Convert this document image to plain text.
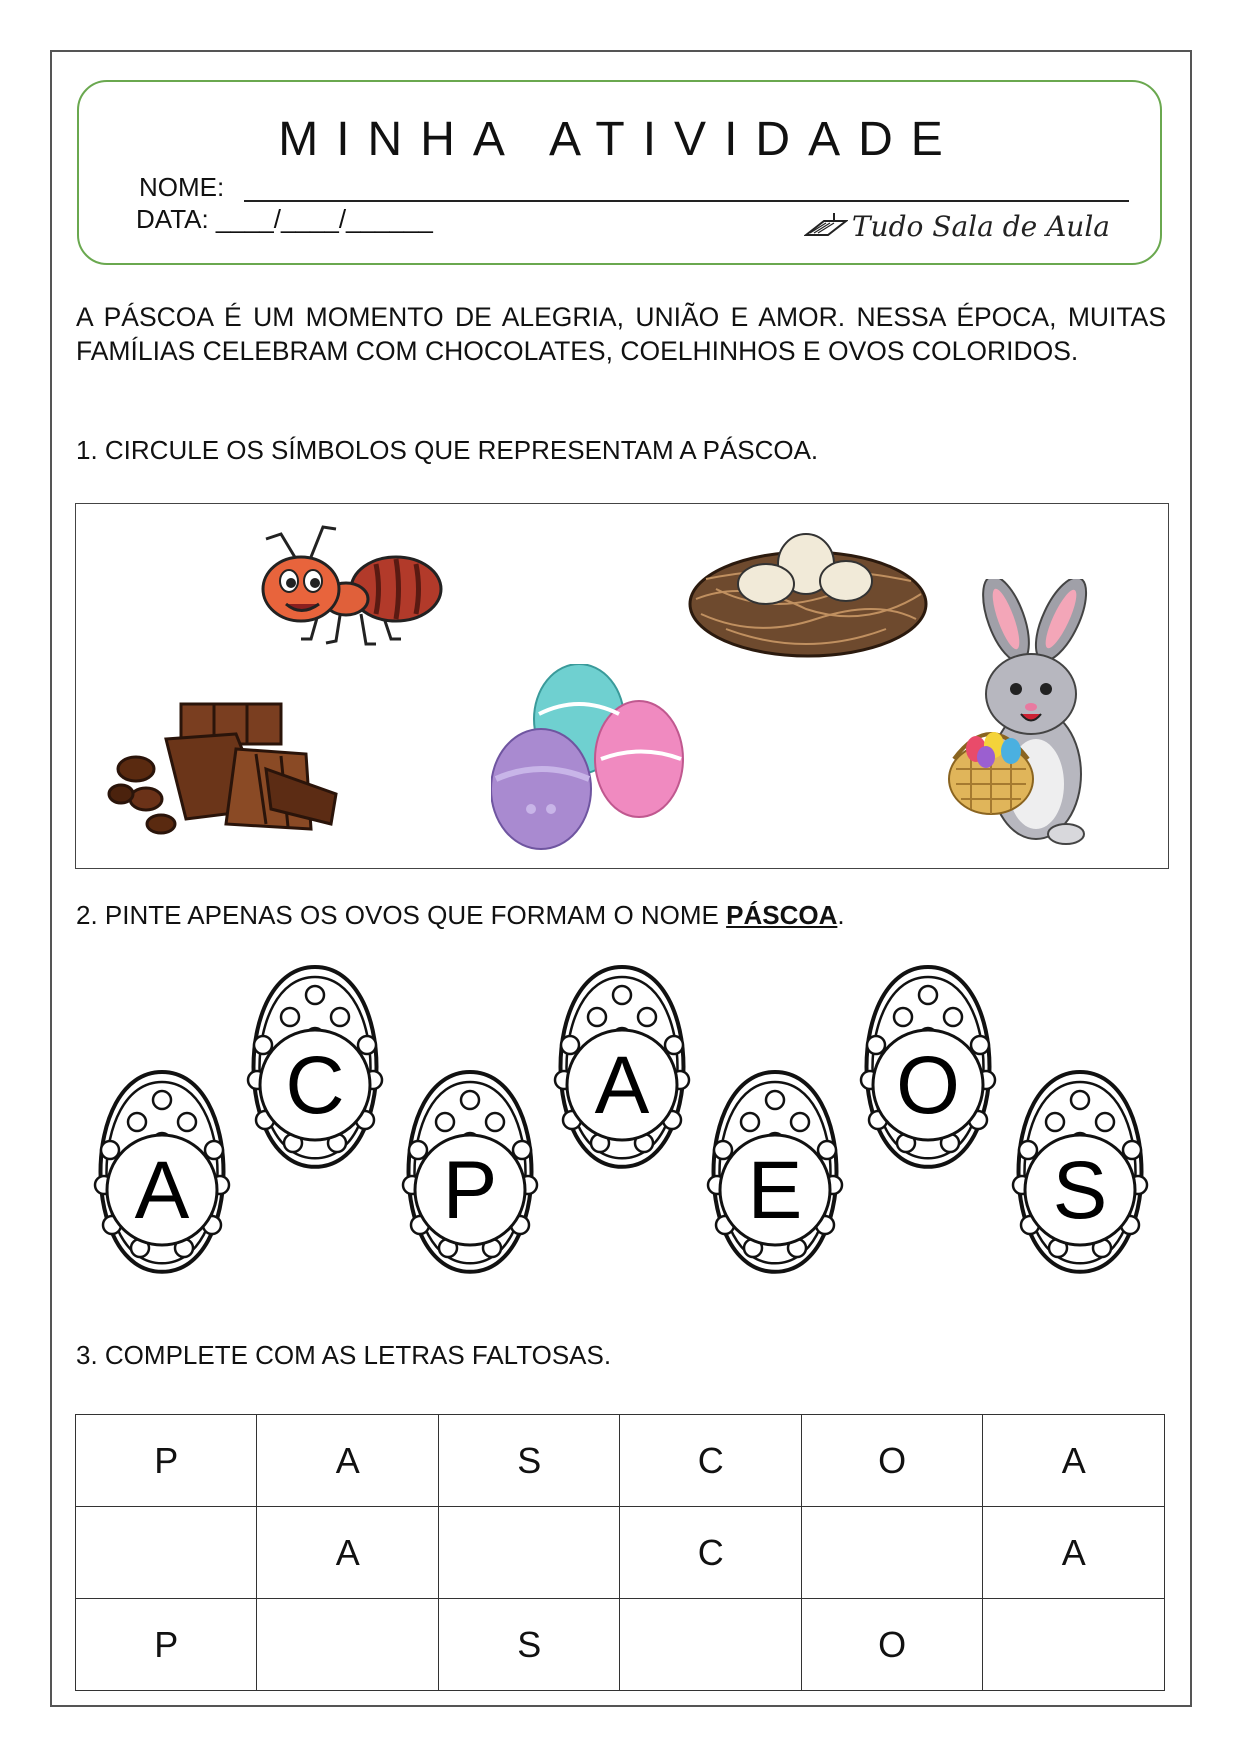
MINHA ATIVIDADE
NOME:
DATA: ____/____/______	Tudo Sala de Aula
A PÁSCOA É UM MOMENTO DE ALEGRIA, UNIÃO E AMOR. NESSA ÉPOCA, MUITAS FAMÍLIAS CELEBRAM COM CHOCOLATES, COELHINHOS E OVOS COLORIDOS.
1. CIRCULE OS SÍMBOLOS QUE REPRESENTAM A PÁSCOA.
2. PINTE APENAS OS OVOS QUE FORMAM O NOME PÁSCOA.
A
C
P
A
E
O
S
3. COMPLETE COM AS LETRAS FALTOSAS.
P	A	S	C	O	A
	A		C		A
P		S		O	
